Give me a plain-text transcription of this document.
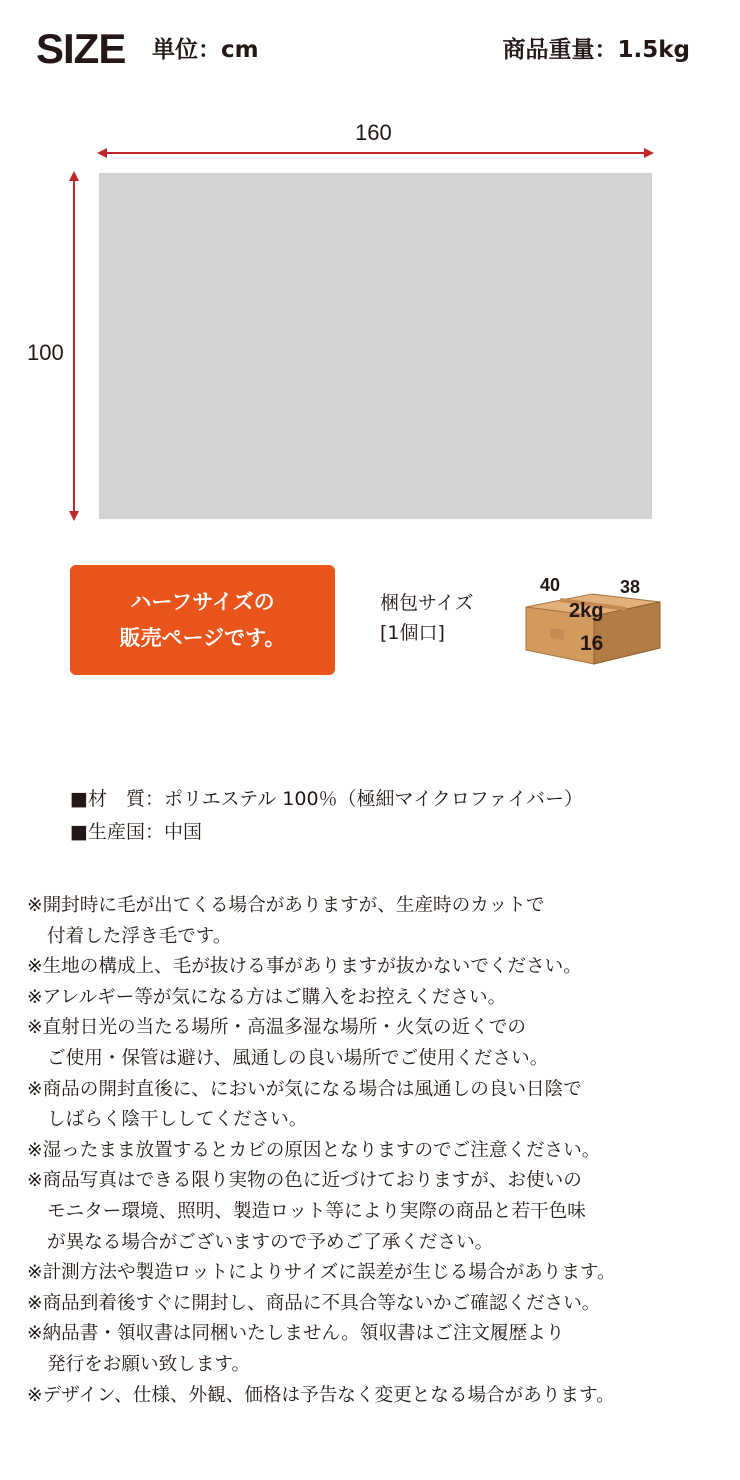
SIZE 単位：cm	商品重量：1.5kg
160
100
ハーフサイズの
販売ページです。
梱包サイズ
[1個口]
40	38
2kg
16
■材　質：ポリエステル 100％（極細マイクロファイバー）
■生産国：中国
※開封時に毛が出てくる場合がありますが、生産時のカットで
付着した浮き毛です。
※生地の構成上、毛が抜ける事がありますが抜かないでください。
※アレルギー等が気になる方はご購入をお控えください。
※直射日光の当たる場所・高温多湿な場所・火気の近くでの
ご使用・保管は避け、風通しの良い場所でご使用ください。
※商品の開封直後に、においが気になる場合は風通しの良い日陰で
しばらく陰干ししてください。
※湿ったまま放置するとカビの原因となりますのでご注意ください。
※商品写真はできる限り実物の色に近づけておりますが、お使いの
モニター環境、照明、製造ロット等により実際の商品と若干色味
が異なる場合がございますので予めご了承ください。
※計測方法や製造ロットによりサイズに誤差が生じる場合があります。
※商品到着後すぐに開封し、商品に不具合等ないかご確認ください。
※納品書・領収書は同梱いたしません。領収書はご注文履歴より
発行をお願い致します。
※デザイン、仕様、外観、価格は予告なく変更となる場合があります。
